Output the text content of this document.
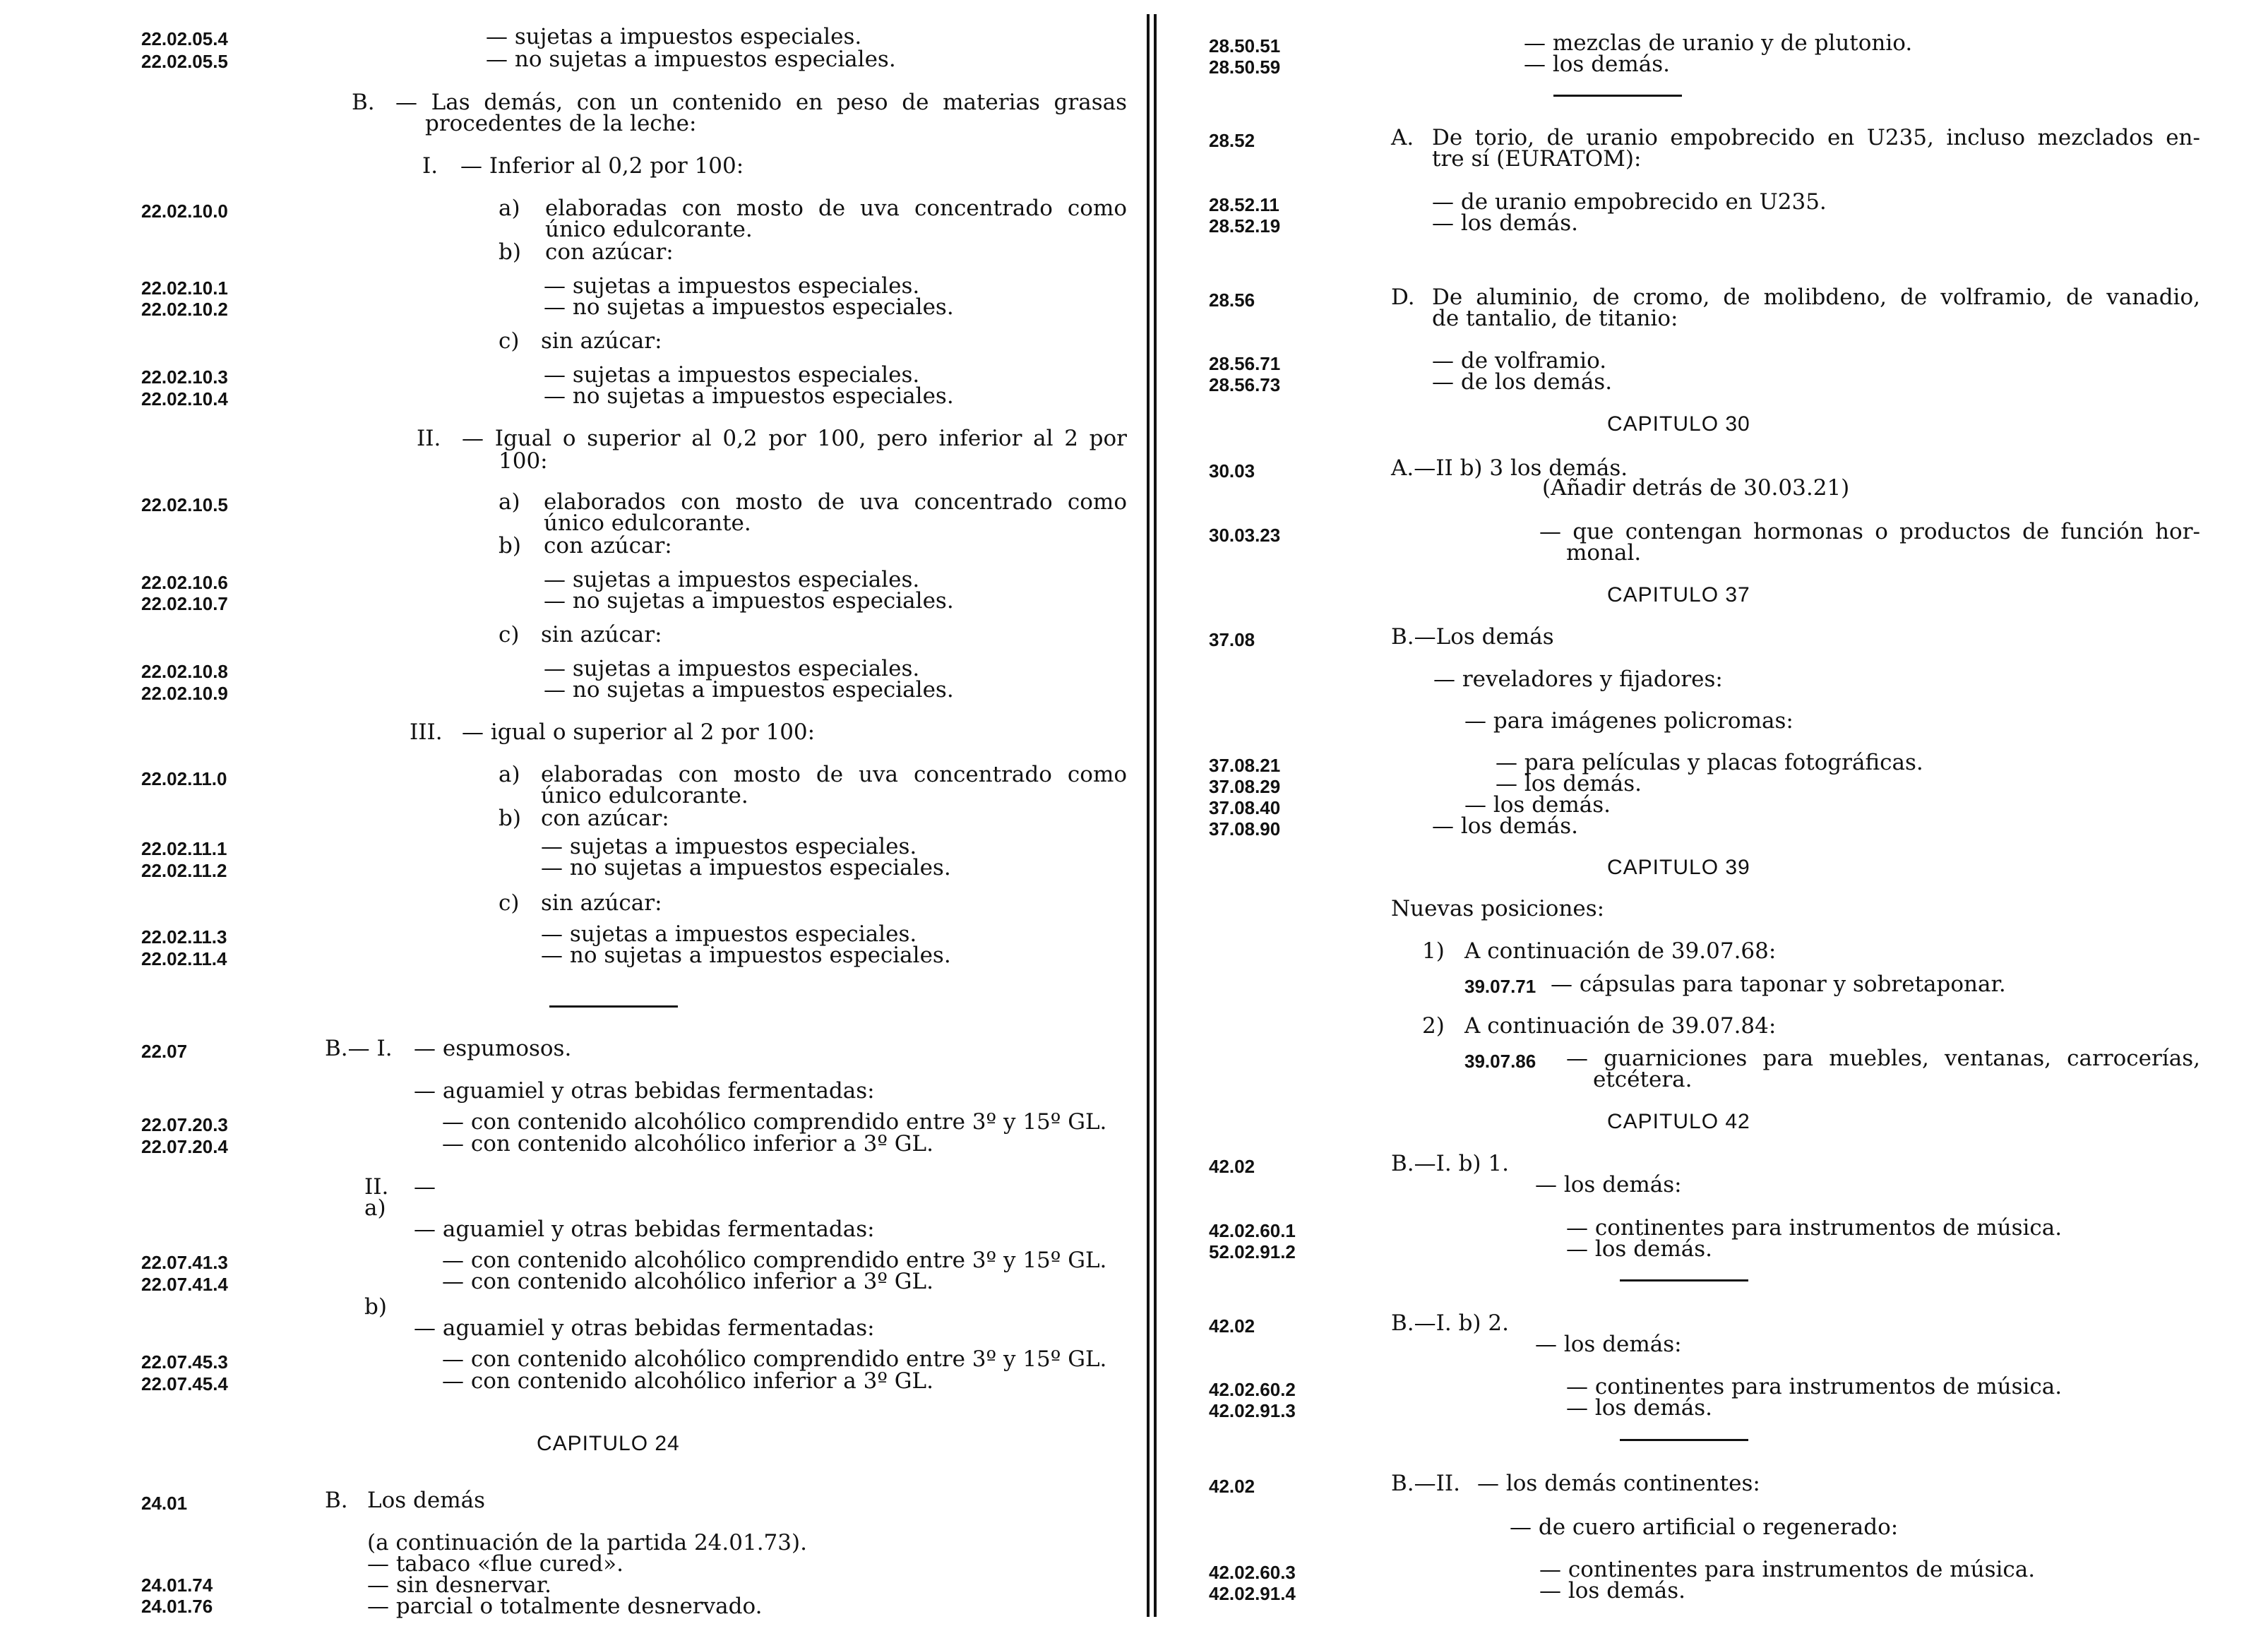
22.02.05.4
22.02.05.5
22.02.10.0
22.02.10.1
22.02.10.2
22.02.10.3
22.02.10.4
22.02.10.5
22.02.10.6
22.02.10.7
22.02.10.8
22.02.10.9
22.02.11.0
22.02.11.1
22.02.11.2
22.02.11.3
22.02.11.4
22.07
22.07.20.3
22.07.20.4
22.07.41.3
22.07.41.4
22.07.45.3
22.07.45.4
24.01
24.01.74
24.01.76
— sujetas a impuestos especiales.
— no sujetas a impuestos especiales.
B. — Las demás, con un contenido en peso de materias grasas
procedentes de la leche:
I. — Inferior al 0,2 por 100:
a) elaboradas con mosto de uva concentrado como
único edulcorante.
b) con azúcar:
— sujetas a impuestos especiales.
— no sujetas a impuestos especiales.
c) sin azúcar:
— sujetas a impuestos especiales.
— no sujetas a impuestos especiales.
II. — Igual o superior al 0,2 por 100, pero inferior al 2 por
100:
a) elaborados con mosto de uva concentrado como
único edulcorante.
b) con azúcar:
— sujetas a impuestos especiales.
— no sujetas a impuestos especiales.
c) sin azúcar:
— sujetas a impuestos especiales.
— no sujetas a impuestos especiales.
III. — igual o superior al 2 por 100:
a) elaboradas con mosto de uva concentrado como
único edulcorante.
b) con azúcar:
— sujetas a impuestos especiales.
— no sujetas a impuestos especiales.
c) sin azúcar:
— sujetas a impuestos especiales.
— no sujetas a impuestos especiales.
B.— I. — espumosos.
— aguamiel y otras bebidas fermentadas:
— con contenido alcohólico comprendido entre 3º y 15º GL.
— con contenido alcohólico inferior a 3º GL.
II. —
a)
— aguamiel y otras bebidas fermentadas:
— con contenido alcohólico comprendido entre 3º y 15º GL.
— con contenido alcohólico inferior a 3º GL.
b)
— aguamiel y otras bebidas fermentadas:
— con contenido alcohólico comprendido entre 3º y 15º GL.
— con contenido alcohólico inferior a 3º GL.
CAPITULO 24
B. Los demás
(a continuación de la partida 24.01.73).
— tabaco «flue cured».
— sin desnervar.
— parcial o totalmente desnervado.
28.50.51
28.50.59
28.52
28.52.11
28.52.19
28.56
28.56.71
28.56.73
30.03
30.03.23
37.08
37.08.21
37.08.29
37.08.40
37.08.90
42.02
42.02.60.1
52.02.91.2
42.02
42.02.60.2
42.02.91.3
42.02
42.02.60.3
42.02.91.4
— mezclas de uranio y de plutonio.
— los demás.
A. De torio, de uranio empobrecido en U235, incluso mezclados en-
tre sí (EURATOM):
— de uranio empobrecido en U235.
— los demás.
D. De aluminio, de cromo, de molibdeno, de volframio, de vanadio,
de tantalio, de titanio:
— de volframio.
— de los demás.
CAPITULO 30
A.—II b) 3 los demás.
(Añadir detrás de 30.03.21)
— que contengan hormonas o productos de función hor-
monal.
CAPITULO 37
B.—Los demás
— reveladores y fijadores:
— para imágenes policromas:
— para películas y placas fotográficas.
— los demás.
— los demás.
— los demás.
CAPITULO 39
Nuevas posiciones:
1) A continuación de 39.07.68:
39.07.71 — cápsulas para taponar y sobretaponar.
2) A continuación de 39.07.84:
39.07.86 — guarniciones para muebles, ventanas, carrocerías,
etcétera.
CAPITULO 42
B.—I. b) 1.
— los demás:
— continentes para instrumentos de música.
— los demás.
B.—I. b) 2.
— los demás:
— continentes para instrumentos de música.
— los demás.
B.—II. — los demás continentes:
— de cuero artificial o regenerado:
— continentes para instrumentos de música.
— los demás.
